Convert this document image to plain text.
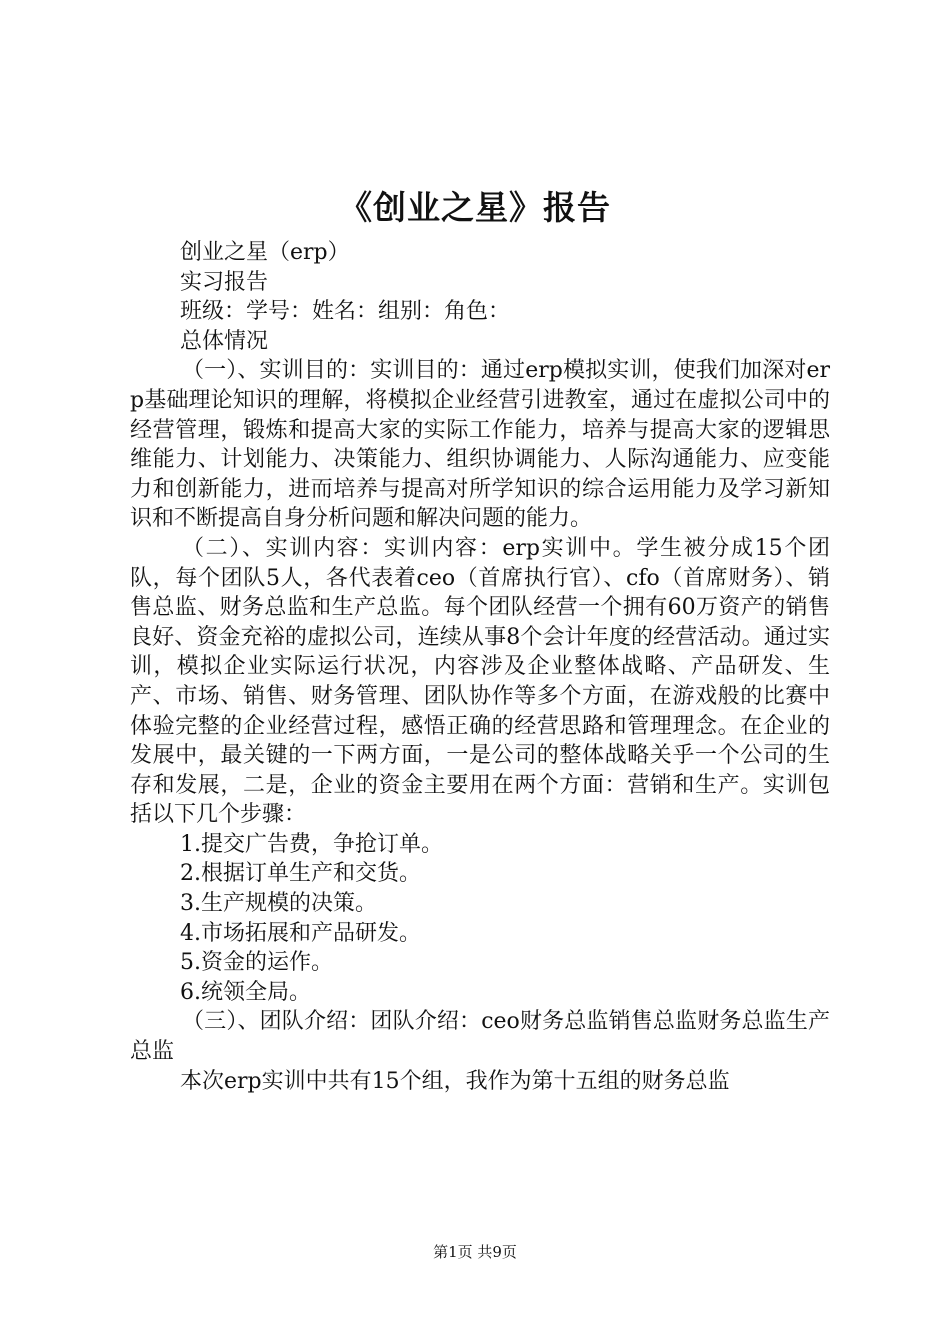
《创业之星》报告

创业之星（erp）

实习报告

班级：学号：姓名：组别：角色：

总体情况

（一）、实训目的：实训目的：通过erp模拟实训，使我们加深对erp基础理论知识的理解，将模拟企业经营引进教室，通过在虚拟公司中的经营管理，锻炼和提高大家的实际工作能力，培养与提高大家的逻辑思维能力、计划能力、决策能力、组织协调能力、人际沟通能力、应变能力和创新能力，进而培养与提高对所学知识的综合运用能力及学习新知识和不断提高自身分析问题和解决问题的能力。

（二）、实训内容：实训内容：erp实训中。学生被分成15个团队，每个团队5人，各代表着ceo（首席执行官）、cfo（首席财务）、销售总监、财务总监和生产总监。每个团队经营一个拥有60万资产的销售良好、资金充裕的虚拟公司，连续从事8个会计年度的经营活动。通过实训，模拟企业实际运行状况，内容涉及企业整体战略、产品研发、生产、市场、销售、财务管理、团队协作等多个方面，在游戏般的比赛中体验完整的企业经营过程，感悟正确的经营思路和管理理念。在企业的发展中，最关键的一下两方面，一是公司的整体战略关乎一个公司的生存和发展，二是，企业的资金主要用在两个方面：营销和生产。实训包括以下几个步骤：

1.提交广告费，争抢订单。

2.根据订单生产和交货。

3.生产规模的决策。

4.市场拓展和产品研发。

5.资金的运作。

6.统领全局。

（三）、团队介绍：团队介绍：ceo财务总监销售总监财务总监生产总监

本次erp实训中共有15个组，我作为第十五组的财务总监

第1页 共9页
